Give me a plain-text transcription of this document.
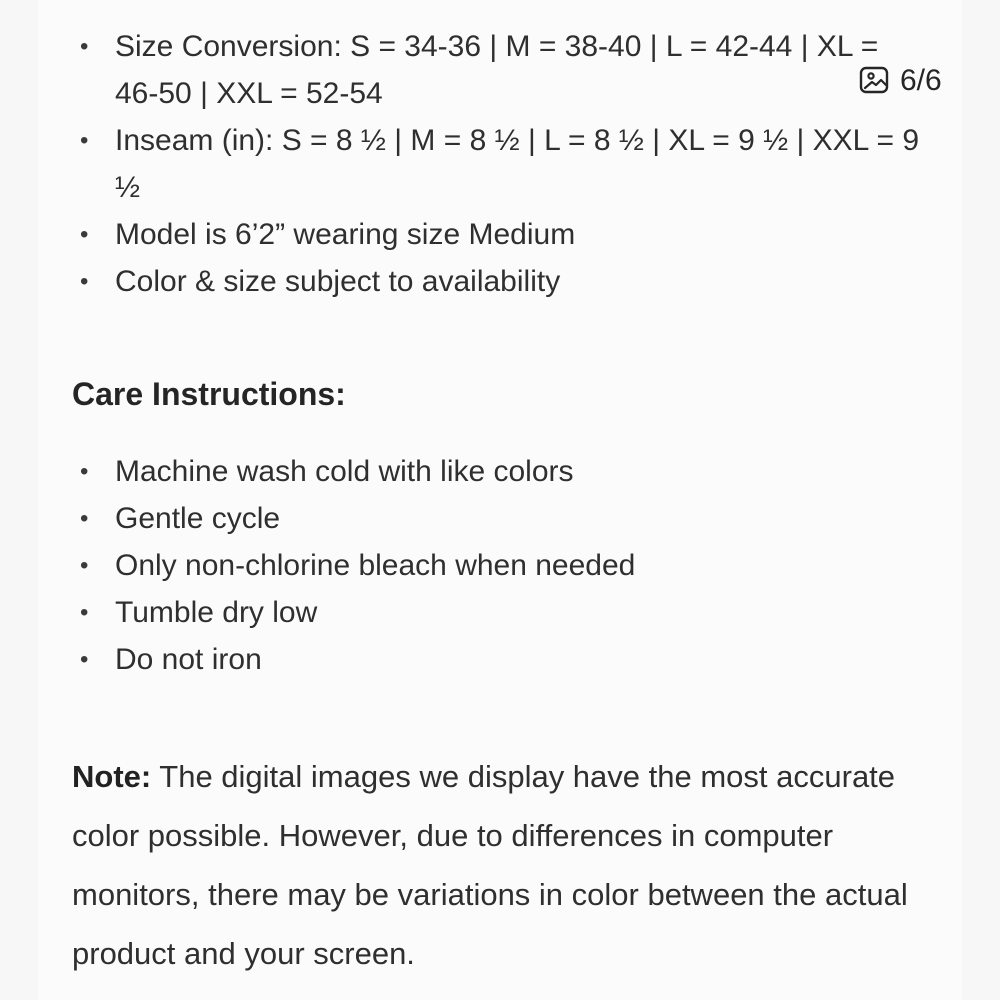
• Size Conversion: S = 34-36 | M = 38-40 | L = 42-44 | XL = 46-50 | XXL = 52-54
• Inseam (in): S = 8 ½ | M = 8 ½ | L = 8 ½ | XL = 9 ½ | XXL = 9 ½
• Model is 6’2” wearing size Medium
• Color & size subject to availability
6/6
Care Instructions:
• Machine wash cold with like colors
• Gentle cycle
• Only non-chlorine bleach when needed
• Tumble dry low
• Do not iron

Note: The digital images we display have the most accurate color possible. However, due to differences in computer monitors, there may be variations in color between the actual product and your screen.
